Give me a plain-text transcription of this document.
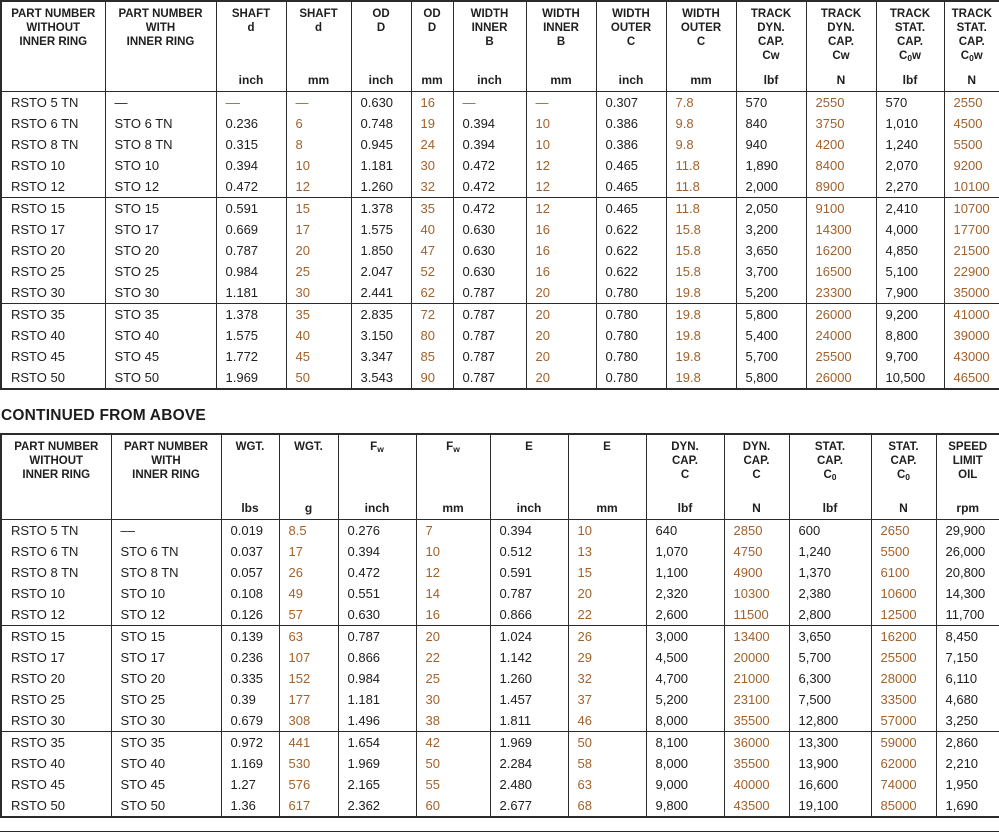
PART NUMBER
WITHOUT
INNER RING	PART NUMBER
WITH
INNER RING	SHAFT
d	SHAFT
d	OD
D	OD
D	WIDTH
INNER
B	WIDTH
INNER
B	WIDTH
OUTER
C	WIDTH
OUTER
C	TRACK
DYN.
CAP.
Cw	TRACK
DYN.
CAP.
Cw	TRACK
STAT.
CAP.
$C_0w$	TRACK
STAT.
CAP.
$C_0w$
		inch	mm	inch	mm	inch	mm	inch	mm	lbf	N	lbf	N
RSTO 5 TN	—	––	—	0.630	16	—	—	0.307	7.8	570	2550	570	2550
RSTO 6 TN	STO 6 TN	0.236	6	0.748	19	0.394	10	0.386	9.8	840	3750	1,010	4500
RSTO 8 TN	STO 8 TN	0.315	8	0.945	24	0.394	10	0.386	9.8	940	4200	1,240	5500
RSTO 10	STO 10	0.394	10	1.181	30	0.472	12	0.465	11.8	1,890	8400	2,070	9200
RSTO 12	STO 12	0.472	12	1.260	32	0.472	12	0.465	11.8	2,000	8900	2,270	10100
RSTO 15	STO 15	0.591	15	1.378	35	0.472	12	0.465	11.8	2,050	9100	2,410	10700
RSTO 17	STO 17	0.669	17	1.575	40	0.630	16	0.622	15.8	3,200	14300	4,000	17700
RSTO 20	STO 20	0.787	20	1.850	47	0.630	16	0.622	15.8	3,650	16200	4,850	21500
RSTO 25	STO 25	0.984	25	2.047	52	0.630	16	0.622	15.8	3,700	16500	5,100	22900
RSTO 30	STO 30	1.181	30	2.441	62	0.787	20	0.780	19.8	5,200	23300	7,900	35000
RSTO 35	STO 35	1.378	35	2.835	72	0.787	20	0.780	19.8	5,800	26000	9,200	41000
RSTO 40	STO 40	1.575	40	3.150	80	0.787	20	0.780	19.8	5,400	24000	8,800	39000
RSTO 45	STO 45	1.772	45	3.347	85	0.787	20	0.780	19.8	5,700	25500	9,700	43000
RSTO 50	STO 50	1.969	50	3.543	90	0.787	20	0.780	19.8	5,800	26000	10,500	46500
CONTINUED FROM ABOVE
PART NUMBER
WITHOUT
INNER RING	PART NUMBER
WITH
INNER RING	WGT.	WGT.	$F_w$	$F_w$	E	E	DYN.
CAP.
C	DYN.
CAP.
C	STAT.
CAP.
$C_0$	STAT.
CAP.
$C_0$	SPEED
LIMIT
OIL
		lbs	g	inch	mm	inch	mm	lbf	N	lbf	N	rpm
RSTO 5 TN	––	0.019	8.5	0.276	7	0.394	10	640	2850	600	2650	29,900
RSTO 6 TN	STO 6 TN	0.037	17	0.394	10	0.512	13	1,070	4750	1,240	5500	26,000
RSTO 8 TN	STO 8 TN	0.057	26	0.472	12	0.591	15	1,100	4900	1,370	6100	20,800
RSTO 10	STO 10	0.108	49	0.551	14	0.787	20	2,320	10300	2,380	10600	14,300
RSTO 12	STO 12	0.126	57	0.630	16	0.866	22	2,600	11500	2,800	12500	11,700
RSTO 15	STO 15	0.139	63	0.787	20	1.024	26	3,000	13400	3,650	16200	8,450
RSTO 17	STO 17	0.236	107	0.866	22	1.142	29	4,500	20000	5,700	25500	7,150
RSTO 20	STO 20	0.335	152	0.984	25	1.260	32	4,700	21000	6,300	28000	6,110
RSTO 25	STO 25	0.39	177	1.181	30	1.457	37	5,200	23100	7,500	33500	4,680
RSTO 30	STO 30	0.679	308	1.496	38	1.811	46	8,000	35500	12,800	57000	3,250
RSTO 35	STO 35	0.972	441	1.654	42	1.969	50	8,100	36000	13,300	59000	2,860
RSTO 40	STO 40	1.169	530	1.969	50	2.284	58	8,000	35500	13,900	62000	2,210
RSTO 45	STO 45	1.27	576	2.165	55	2.480	63	9,000	40000	16,600	74000	1,950
RSTO 50	STO 50	1.36	617	2.362	60	2.677	68	9,800	43500	19,100	85000	1,690
